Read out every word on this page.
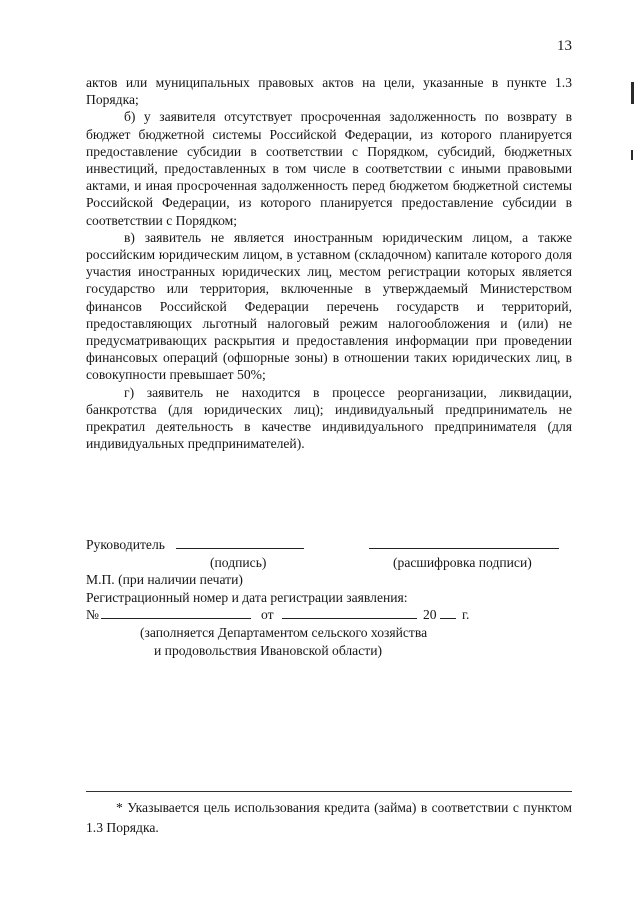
13

актов или муниципальных правовых актов на цели, указанные в пункте 1.3 Порядка;

б) у заявителя отсутствует просроченная задолженность по возврату в бюджет бюджетной системы Российской Федерации, из которого планируется предоставление субсидии в соответствии с Порядком, субсидий, бюджетных инвестиций, предоставленных в том числе в соответствии с иными правовыми актами, и иная просроченная задолженность перед бюджетом бюджетной системы Российской Федерации, из которого планируется предоставление субсидии в соответствии с Порядком;

в) заявитель не является иностранным юридическим лицом, а также российским юридическим лицом, в уставном (складочном) капитале которого доля участия иностранных юридических лиц, местом регистрации которых является государство или территория, включенные в утверждаемый Министерством финансов Российской Федерации перечень государств и территорий, предоставляющих льготный налоговый режим налогообложения и (или) не предусматривающих раскрытия и предоставления информации при проведении финансовых операций (офшорные зоны) в отношении таких юридических лиц, в совокупности превышает 50%;

г) заявитель не находится в процессе реорганизации, ликвидации, банкротства (для юридических лиц); индивидуальный предприниматель не прекратил деятельность в качестве индивидуального предпринимателя (для индивидуальных предпринимателей).

Руководитель
(подпись)	(расшифровка подписи)
М.П. (при наличии печати)
Регистрационный номер и дата регистрации заявления:
№	от	20 г.
(заполняется Департаментом сельского хозяйства
и продовольствия Ивановской области)

* Указывается цель использования кредита (займа) в соответствии с пунктом 1.3 Порядка.
